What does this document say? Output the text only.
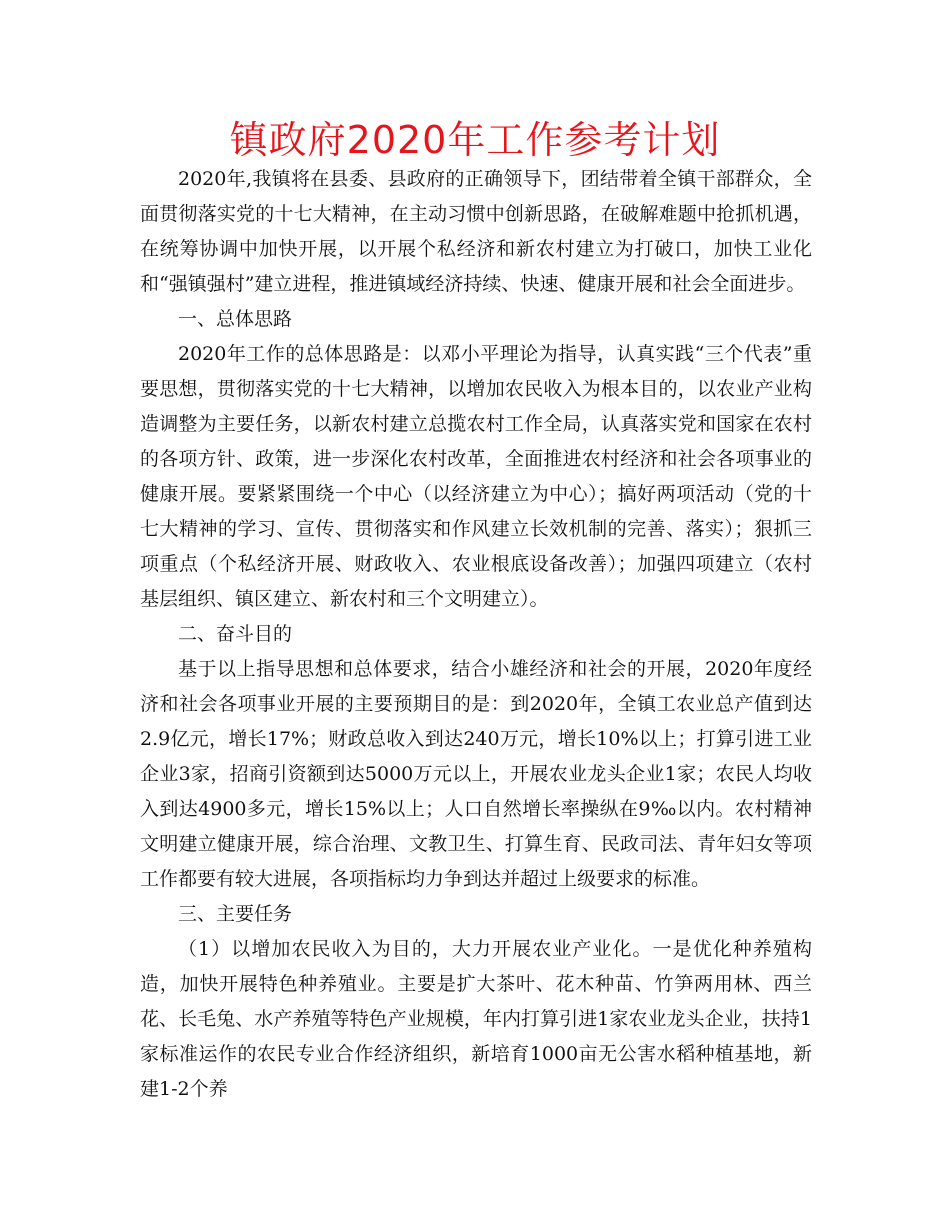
镇政府2020年工作参考计划

2020年,我镇将在县委、县政府的正确领导下，团结带着全镇干部群众，全面贯彻落实党的十七大精神，在主动习惯中创新思路，在破解难题中抢抓机遇，在统筹协调中加快开展，以开展个私经济和新农村建立为打破口，加快工业化和“强镇强村”建立进程，推进镇域经济持续、快速、健康开展和社会全面进步。

一、总体思路

2020年工作的总体思路是：以邓小平理论为指导，认真实践“三个代表”重要思想，贯彻落实党的十七大精神，以增加农民收入为根本目的，以农业产业构造调整为主要任务，以新农村建立总揽农村工作全局，认真落实党和国家在农村的各项方针、政策，进一步深化农村改革，全面推进农村经济和社会各项事业的健康开展。要紧紧围绕一个中心（以经济建立为中心）；搞好两项活动（党的十七大精神的学习、宣传、贯彻落实和作风建立长效机制的完善、落实）；狠抓三项重点（个私经济开展、财政收入、农业根底设备改善）；加强四项建立（农村基层组织、镇区建立、新农村和三个文明建立）。

二、奋斗目的

基于以上指导思想和总体要求，结合小雄经济和社会的开展，2020年度经济和社会各项事业开展的主要预期目的是：到2020年，全镇工农业总产值到达2.9亿元，增长17%；财政总收入到达240万元，增长10%以上；打算引进工业企业3家，招商引资额到达5000万元以上，开展农业龙头企业1家；农民人均收入到达4900多元，增长15%以上；人口自然增长率操纵在9‰以内。农村精神文明建立健康开展，综合治理、文教卫生、打算生育、民政司法、青年妇女等项工作都要有较大进展，各项指标均力争到达并超过上级要求的标准。

三、主要任务

（1）以增加农民收入为目的，大力开展农业产业化。一是优化种养殖构造，加快开展特色种养殖业。主要是扩大茶叶、花木种苗、竹笋两用林、西兰花、长毛兔、水产养殖等特色产业规模，年内打算引进1家农业龙头企业，扶持1家标准运作的农民专业合作经济组织，新培育1000亩无公害水稻种植基地，新建1-2个养
